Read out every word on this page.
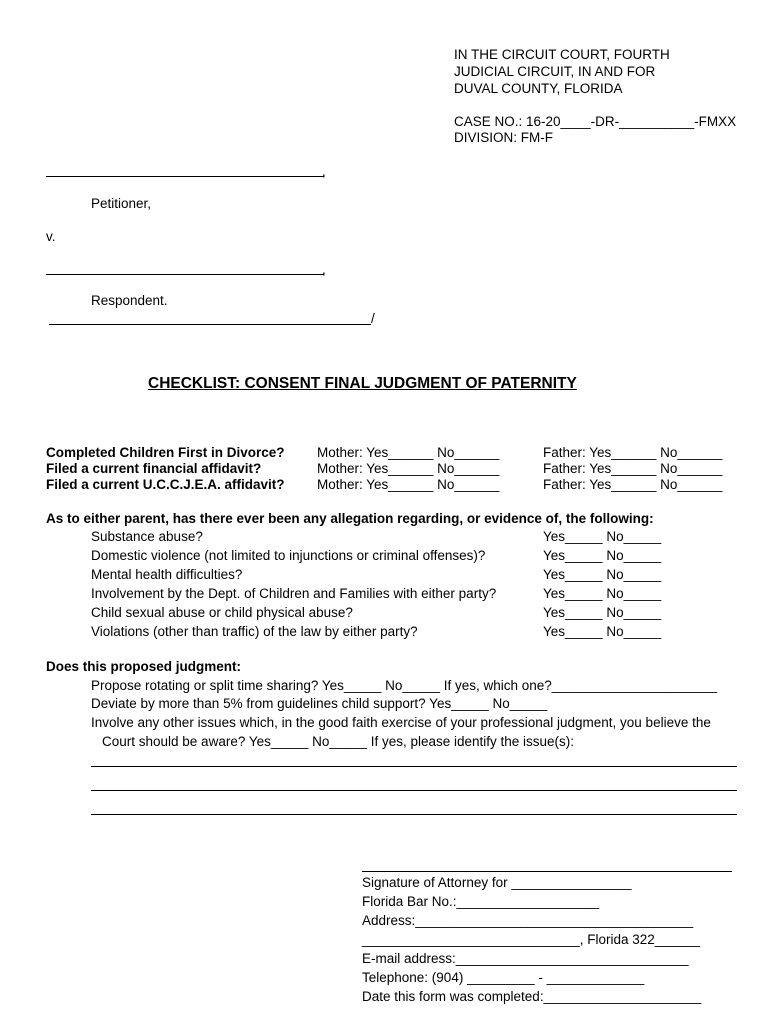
IN THE CIRCUIT COURT, FOURTH
JUDICIAL CIRCUIT, IN AND FOR
DUVAL COUNTY, FLORIDA
CASE NO.: 16-20____-DR-__________-FMXX
DIVISION: FM-F
,
Petitioner,
v.
,
Respondent.
/
CHECKLIST: CONSENT FINAL JUDGMENT OF PATERNITY
Completed Children First in Divorce? Mother: Yes______ No______	Father: Yes______ No______
Filed a current financial affidavit?	Mother: Yes______ No______	Father: Yes______ No______
Filed a current U.C.C.J.E.A. affidavit? Mother: Yes______ No______	Father: Yes______ No______
As to either parent, has there ever been any allegation regarding, or evidence of, the following:
Substance abuse?	Yes_____ No_____
Domestic violence (not limited to injunctions or criminal offenses)?	Yes_____ No_____
Mental health difficulties?	Yes_____ No_____
Involvement by the Dept. of Children and Families with either party?	Yes_____ No_____
Child sexual abuse or child physical abuse?	Yes_____ No_____
Violations (other than traffic) of the law by either party?	Yes_____ No_____
Does this proposed judgment:
Propose rotating or split time sharing? Yes_____ No_____ If yes, which one?______________________
Deviate by more than 5% from guidelines child support? Yes_____ No_____
Involve any other issues which, in the good faith exercise of your professional judgment, you believe the
Court should be aware? Yes_____ No_____ If yes, please identify the issue(s):
Signature of Attorney for ________________
Florida Bar No.:___________________
Address:_____________________________________
_____________________________, Florida 322______
E-mail address:_______________________________
Telephone: (904) _________ - _____________
Date this form was completed:_____________________
